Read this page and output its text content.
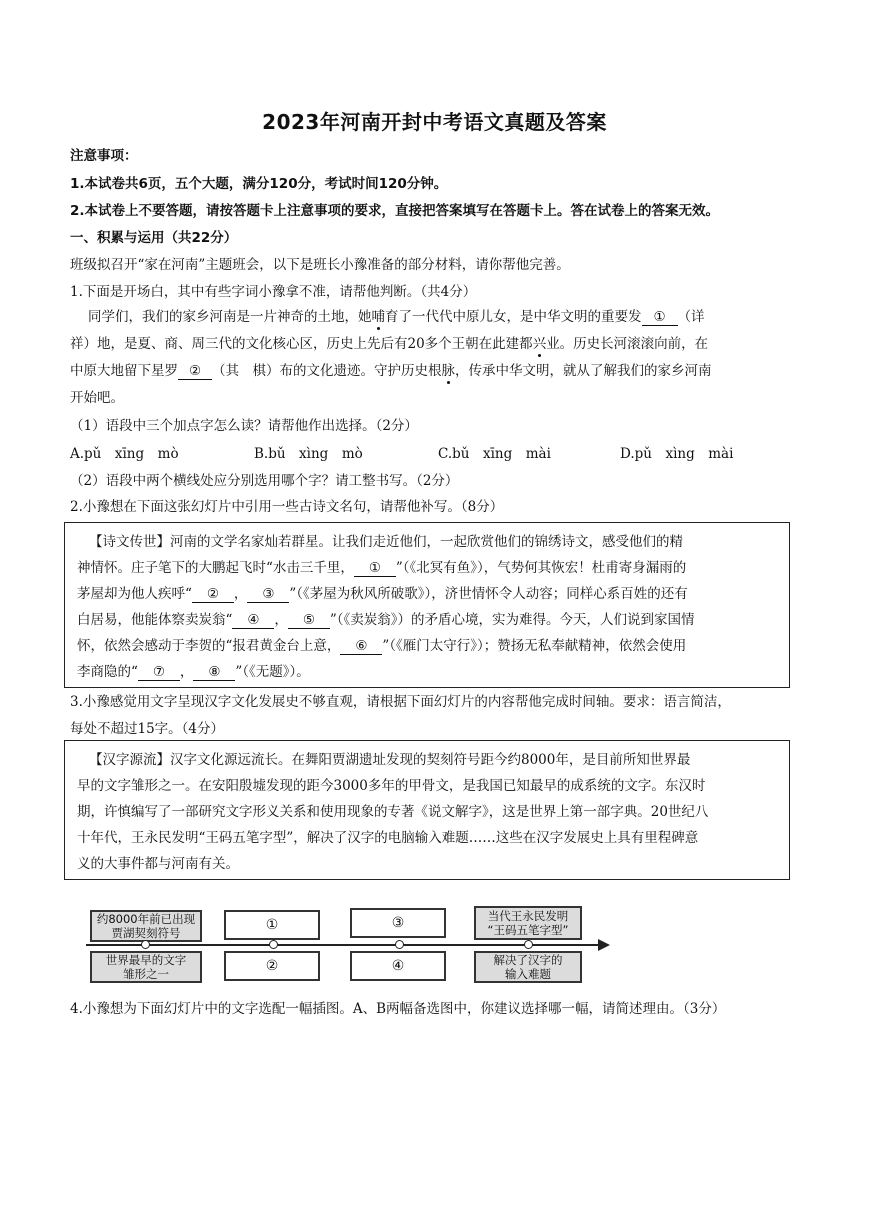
2023年河南开封中考语文真题及答案
注意事项：
1.本试卷共6页，五个大题，满分120分，考试时间120分钟。
2.本试卷上不要答题，请按答题卡上注意事项的要求，直接把答案填写在答题卡上。答在试卷上的答案无效。
一、积累与运用（共22分）
班级拟召开“家在河南”主题班会，以下是班长小豫准备的部分材料，请你帮他完善。
1.下面是开场白，其中有些字词小豫拿不准，请帮他判断。（共4分）
同学们，我们的家乡河南是一片神奇的土地，她哺育了一代代中原儿女，是中华文明的重要发 ① （详
祥）地，是夏、商、周三代的文化核心区，历史上先后有20多个王朝在此建都兴业。历史长河滚滚向前，在
中原大地留下星罗 ② （其　棋）布的文化遗迹。守护历史根脉，传承中华文明，就从了解我们的家乡河南
开始吧。
（1）语段中三个加点字怎么读？请帮他作出选择。（2分）
A.pǔ　xīng　mò	B.bǔ　xìng　mò	C.bǔ　xīng　mài	D.pǔ　xìng　mài
（2）语段中两个横线处应分别选用哪个字？请工整书写。（2分）
2.小豫想在下面这张幻灯片中引用一些古诗文名句，请帮他补写。（8分）

【诗文传世】河南的文学名家灿若群星。让我们走近他们，一起欣赏他们的锦绣诗文，感受他们的精

神情怀。庄子笔下的大鹏起飞时“水击三千里， ① ”（《北冥有鱼》），气势何其恢宏！杜甫寄身漏雨的

茅屋却为他人疾呼“ ② ， ③ ”（《茅屋为秋风所破歌》），济世情怀令人动容；同样心系百姓的还有

白居易，他能体察卖炭翁“ ④ ， ⑤ ”（《卖炭翁》）的矛盾心境，实为难得。今天，人们说到家国情

怀，依然会感动于李贺的“报君黄金台上意， ⑥ ”（《雁门太守行》）；赞扬无私奉献精神，依然会使用

李商隐的“ ⑦ ， ⑧ ”（《无题》）。

3.小豫感觉用文字呈现汉字文化发展史不够直观，请根据下面幻灯片的内容帮他完成时间轴。要求：语言简洁，
每处不超过15字。（4分）

【汉字源流】汉字文化源远流长。在舞阳贾湖遗址发现的契刻符号距今约8000年，是目前所知世界最

早的文字雏形之一。在安阳殷墟发现的距今3000多年的甲骨文，是我国已知最早的成系统的文字。东汉时

期，许慎编写了一部研究文字形义关系和使用现象的专著《说文解字》，这是世界上第一部字典。20世纪八

十年代，王永民发明“王码五笔字型”，解决了汉字的电脑输入难题……这些在汉字发展史上具有里程碑意

义的大事件都与河南有关。

约8000年前已出现
贾湖契刻符号
世界最早的文字
雏形之一
①
②
③
④
当代王永民发明
“王码五笔字型”
解决了汉字的
输入难题
4.小豫想为下面幻灯片中的文字选配一幅插图。A、B两幅备选图中，你建议选择哪一幅，请简述理由。（3分）
